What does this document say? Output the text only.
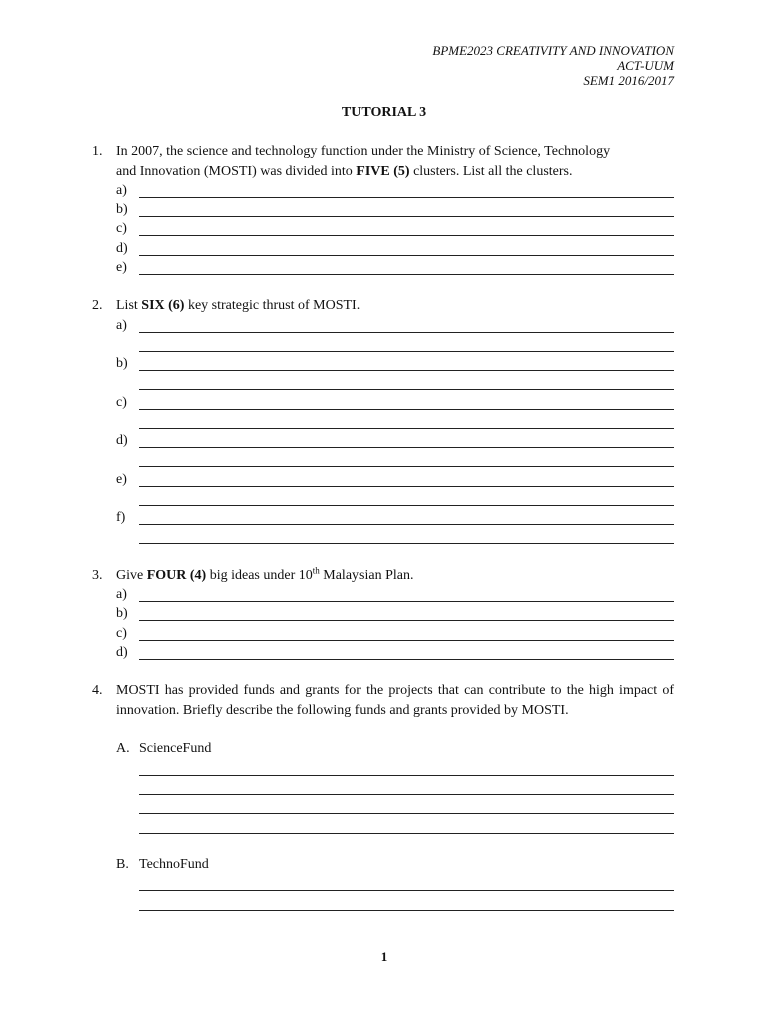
BPME2023 CREATIVITY AND INNOVATION
ACT-UUM
SEM1 2016/2017
TUTORIAL 3
1. In 2007, the science and technology function under the Ministry of Science, Technology
and Innovation (MOSTI) was divided into FIVE (5) clusters. List all the clusters.
a)
b)
c)
d)
e)
2. List SIX (6) key strategic thrust of MOSTI.
a)
b)
c)
d)
e)
f)
3. Give FOUR (4) big ideas under 10th Malaysian Plan.
a)
b)
c)
d)
4. MOSTI has provided funds and grants for the projects that can contribute to the high impact of innovation. Briefly describe the following funds and grants provided by MOSTI.
A. ScienceFund
B. TechnoFund
1
